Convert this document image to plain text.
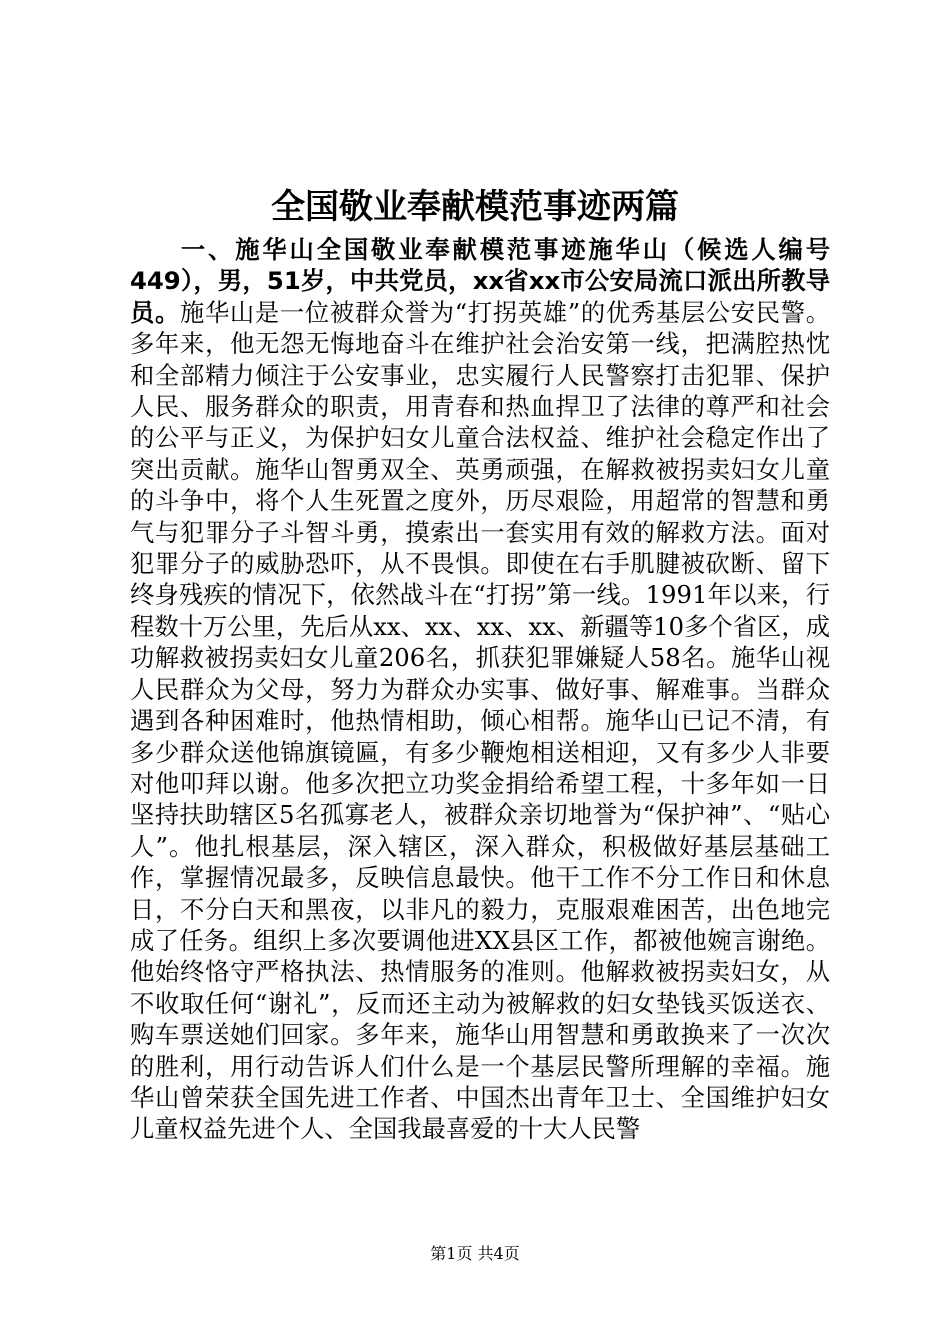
全国敬业奉献模范事迹两篇

一、施华山全国敬业奉献模范事迹施华山（候选人编号449），男，51岁，中共党员，xx省xx市公安局流口派出所教导员。施华山是一位被群众誉为“打拐英雄”的优秀基层公安民警。多年来，他无怨无悔地奋斗在维护社会治安第一线，把满腔热忱和全部精力倾注于公安事业，忠实履行人民警察打击犯罪、保护人民、服务群众的职责，用青春和热血捍卫了法律的尊严和社会的公平与正义，为保护妇女儿童合法权益、维护社会稳定作出了突出贡献。施华山智勇双全、英勇顽强，在解救被拐卖妇女儿童的斗争中，将个人生死置之度外，历尽艰险，用超常的智慧和勇气与犯罪分子斗智斗勇，摸索出一套实用有效的解救方法。面对犯罪分子的威胁恐吓，从不畏惧。即使在右手肌腱被砍断、留下终身残疾的情况下，依然战斗在“打拐”第一线。1991年以来，行程数十万公里，先后从xx、xx、xx、xx、新疆等10多个省区，成功解救被拐卖妇女儿童206名，抓获犯罪嫌疑人58名。施华山视人民群众为父母，努力为群众办实事、做好事、解难事。当群众遇到各种困难时，他热情相助，倾心相帮。施华山已记不清，有多少群众送他锦旗镜匾，有多少鞭炮相送相迎，又有多少人非要对他叩拜以谢。他多次把立功奖金捐给希望工程，十多年如一日坚持扶助辖区5名孤寡老人，被群众亲切地誉为“保护神”、“贴心人”。他扎根基层，深入辖区，深入群众，积极做好基层基础工作，掌握情况最多，反映信息最快。他干工作不分工作日和休息日，不分白天和黑夜，以非凡的毅力，克服艰难困苦，出色地完成了任务。组织上多次要调他进XX县区工作，都被他婉言谢绝。他始终恪守严格执法、热情服务的准则。他解救被拐卖妇女，从不收取任何“谢礼”，反而还主动为被解救的妇女垫钱买饭送衣、购车票送她们回家。多年来，施华山用智慧和勇敢换来了一次次的胜利，用行动告诉人们什么是一个基层民警所理解的幸福。施华山曾荣获全国先进工作者、中国杰出青年卫士、全国维护妇女儿童权益先进个人、全国我最喜爱的十大人民警

第1页 共4页
